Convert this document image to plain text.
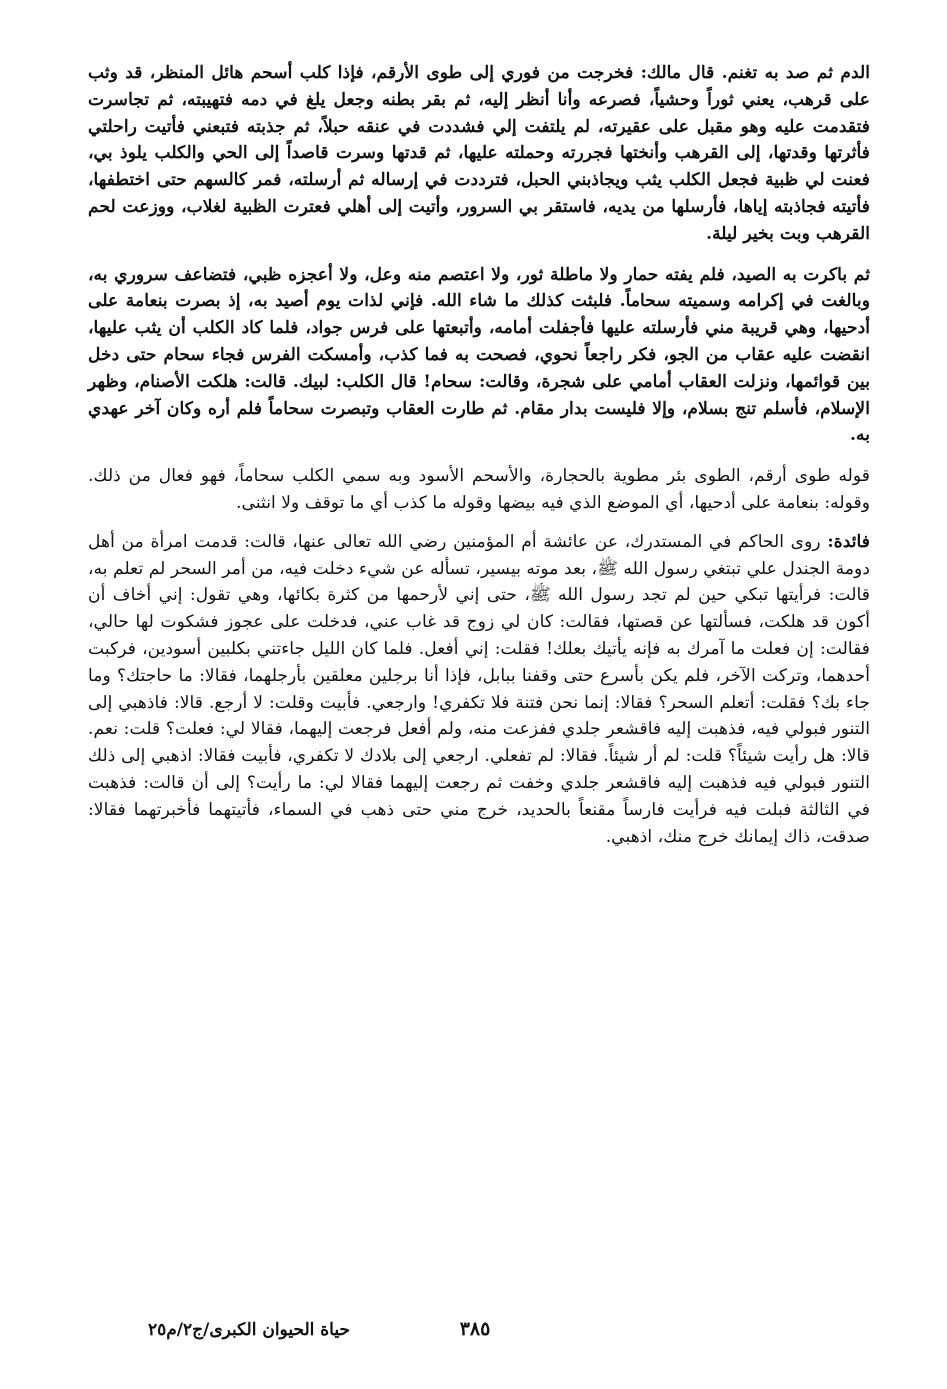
الدم ثم صد به تغنم. قال مالك: فخرجت من فوري إلى طوى الأرقم، فإذا كلب أسحم هائل المنظر، قد وثب على قرهب، يعني ثوراً وحشياً، فصرعه وأنا أنظر إليه، ثم بقر بطنه وجعل يلغ في دمه فتهيبته، ثم تجاسرت فتقدمت عليه وهو مقبل على عقيرته، لم يلتفت إلي فشددت في عنقه حبلاً، ثم جذبته فتبعني فأتيت راحلتي فأثرتها وقدتها، إلى القرهب وأنختها فجررته وحملته عليها، ثم قدتها وسرت قاصداً إلى الحي والكلب يلوذ بي، فعنت لي ظبية فجعل الكلب يثب ويجاذبني الحبل، فترددت في إرساله ثم أرسلته، فمر كالسهم حتى اختطفها، فأتيته فجاذبته إياها، فأرسلها من يديه، فاستقر بي السرور، وأتيت إلى أهلي فعترت الظبية لغلاب، ووزعت لحم القرهب وبت بخير ليلة.

ثم باكرت به الصيد، فلم يفته حمار ولا ماطلة ثور، ولا اعتصم منه وعل، ولا أعجزه ظبي، فتضاعف سروري به، وبالغت في إكرامه وسميته سحاماً. فلبثت كذلك ما شاء الله. فإني لذات يوم أصيد به، إذ بصرت بنعامة على أدحيها، وهي قريبة مني فأرسلته عليها فأجفلت أمامه، وأتبعتها على فرس جواد، فلما كاد الكلب أن يثب عليها، انقضت عليه عقاب من الجو، فكر راجعاً نحوي، فصحت به فما كذب، وأمسكت الفرس فجاء سحام حتى دخل بين قوائمها، ونزلت العقاب أمامي على شجرة، وقالت: سحام! قال الكلب: لبيك. قالت: هلكت الأصنام، وظهر الإسلام، فأسلم تنج بسلام، وإلا فليست بدار مقام. ثم طارت العقاب وتبصرت سحاماً فلم أره وكان آخر عهدي به.

قوله طوى أرقم، الطوى بئر مطوية بالحجارة، والأسحم الأسود وبه سمي الكلب سحاماً، فهو فعال من ذلك. وقوله: بنعامة على أدحيها، أي الموضع الذي فيه بيضها وقوله ما كذب أي ما توقف ولا انثنى.

فائدة: روى الحاكم في المستدرك، عن عائشة أم المؤمنين رضي الله تعالى عنها، قالت: قدمت امرأة من أهل دومة الجندل علي تبتغي رسول الله ﷺ، بعد موته بيسير، تسأله عن شيء دخلت فيه، من أمر السحر لم تعلم به، قالت: فرأيتها تبكي حين لم تجد رسول الله ﷺ، حتى إني لأرحمها من كثرة بكائها، وهي تقول: إني أخاف أن أكون قد هلكت، فسألتها عن قصتها، فقالت: كان لي زوج قد غاب عني، فدخلت على عجوز فشكوت لها حالي، فقالت: إن فعلت ما آمرك به فإنه يأتيك بعلك! فقلت: إني أفعل. فلما كان الليل جاءتني بكلبين أسودين، فركبت أحدهما، وتركت الآخر، فلم يكن بأسرع حتى وقفنا ببابل، فإذا أنا برجلين معلقين بأرجلهما، فقالا: ما حاجتك؟ وما جاء بك؟ فقلت: أتعلم السحر؟ فقالا: إنما نحن فتنة فلا تكفري! وارجعي. فأبيت وقلت: لا أرجع. قالا: فاذهبي إلى التنور فبولي فيه، فذهبت إليه فاقشعر جلدي ففزعت منه، ولم أفعل فرجعت إليهما، فقالا لي: فعلت؟ قلت: نعم. قالا: هل رأيت شيئاً؟ قلت: لم أر شيئاً. فقالا: لم تفعلي. ارجعي إلى بلادك لا تكفري، فأبيت فقالا: اذهبي إلى ذلك التنور فبولي فيه فذهبت إليه فاقشعر جلدي وخفت ثم رجعت إليهما فقالا لي: ما رأيت؟ إلى أن قالت: فذهبت في الثالثة فبلت فيه فرأيت فارساً مقنعاً بالحديد، خرج مني حتى ذهب في السماء، فأتيتهما فأخبرتهما فقالا: صدقت، ذاك إيمانك خرج منك، اذهبي.

٣٨٥
حياة الحيوان الكبرى/ج٢/م٢٥
